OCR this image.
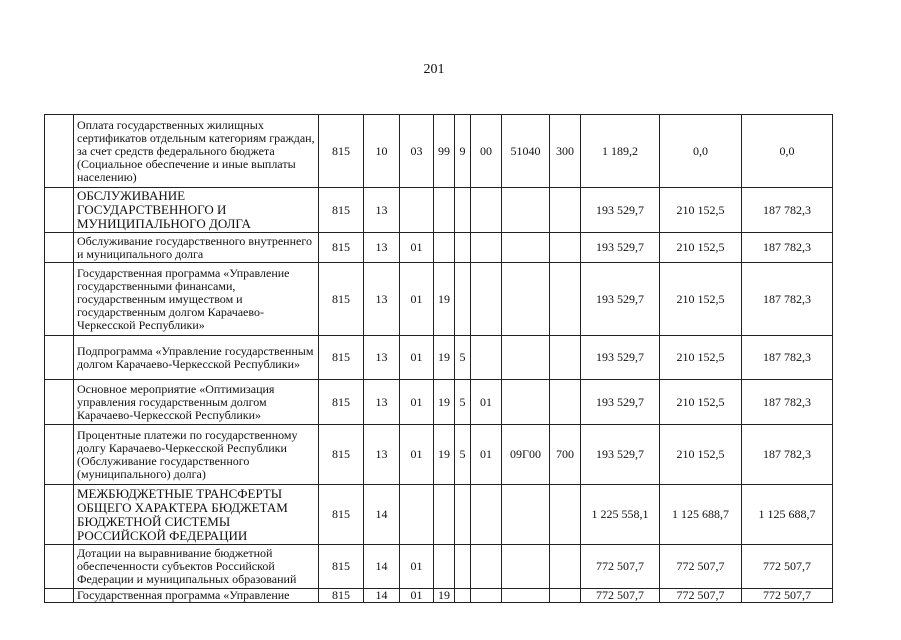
201
	Оплата государственных жилищных сертификатов отдельным категориям граждан, за счет средств федерального бюджета (Социальное обеспечение и иные выплаты населению)	815	10	03	99	9	00	51040	300	1 189,2	0,0	0,0
	ОБСЛУЖИВАНИЕ ГОСУДАРСТВЕННОГО И МУНИЦИПАЛЬНОГО ДОЛГА	815	13							193 529,7	210 152,5	187 782,3
	Обслуживание государственного внутреннего и муниципального долга	815	13	01						193 529,7	210 152,5	187 782,3
	Государственная программа «Управление государственными финансами, государственным имуществом и государственным долгом Карачаево-Черкесской Республики»	815	13	01	19					193 529,7	210 152,5	187 782,3
	Подпрограмма «Управление государственным долгом Карачаево-Черкесской Республики»	815	13	01	19	5				193 529,7	210 152,5	187 782,3
	Основное мероприятие «Оптимизация управления государственным долгом Карачаево-Черкесской Республики»	815	13	01	19	5	01			193 529,7	210 152,5	187 782,3
	Процентные платежи по государственному долгу Карачаево-Черкесской Республики (Обслуживание государственного (муниципального) долга)	815	13	01	19	5	01	09Г00	700	193 529,7	210 152,5	187 782,3
	МЕЖБЮДЖЕТНЫЕ ТРАНСФЕРТЫ ОБЩЕГО ХАРАКТЕРА БЮДЖЕТАМ БЮДЖЕТНОЙ СИСТЕМЫ РОССИЙСКОЙ ФЕДЕРАЦИИ	815	14							1 225 558,1	1 125 688,7	1 125 688,7
	Дотации на выравнивание бюджетной обеспеченности субъектов Российской Федерации и муниципальных образований	815	14	01						772 507,7	772 507,7	772 507,7
	Государственная программа «Управление	815	14	01	19					772 507,7	772 507,7	772 507,7
